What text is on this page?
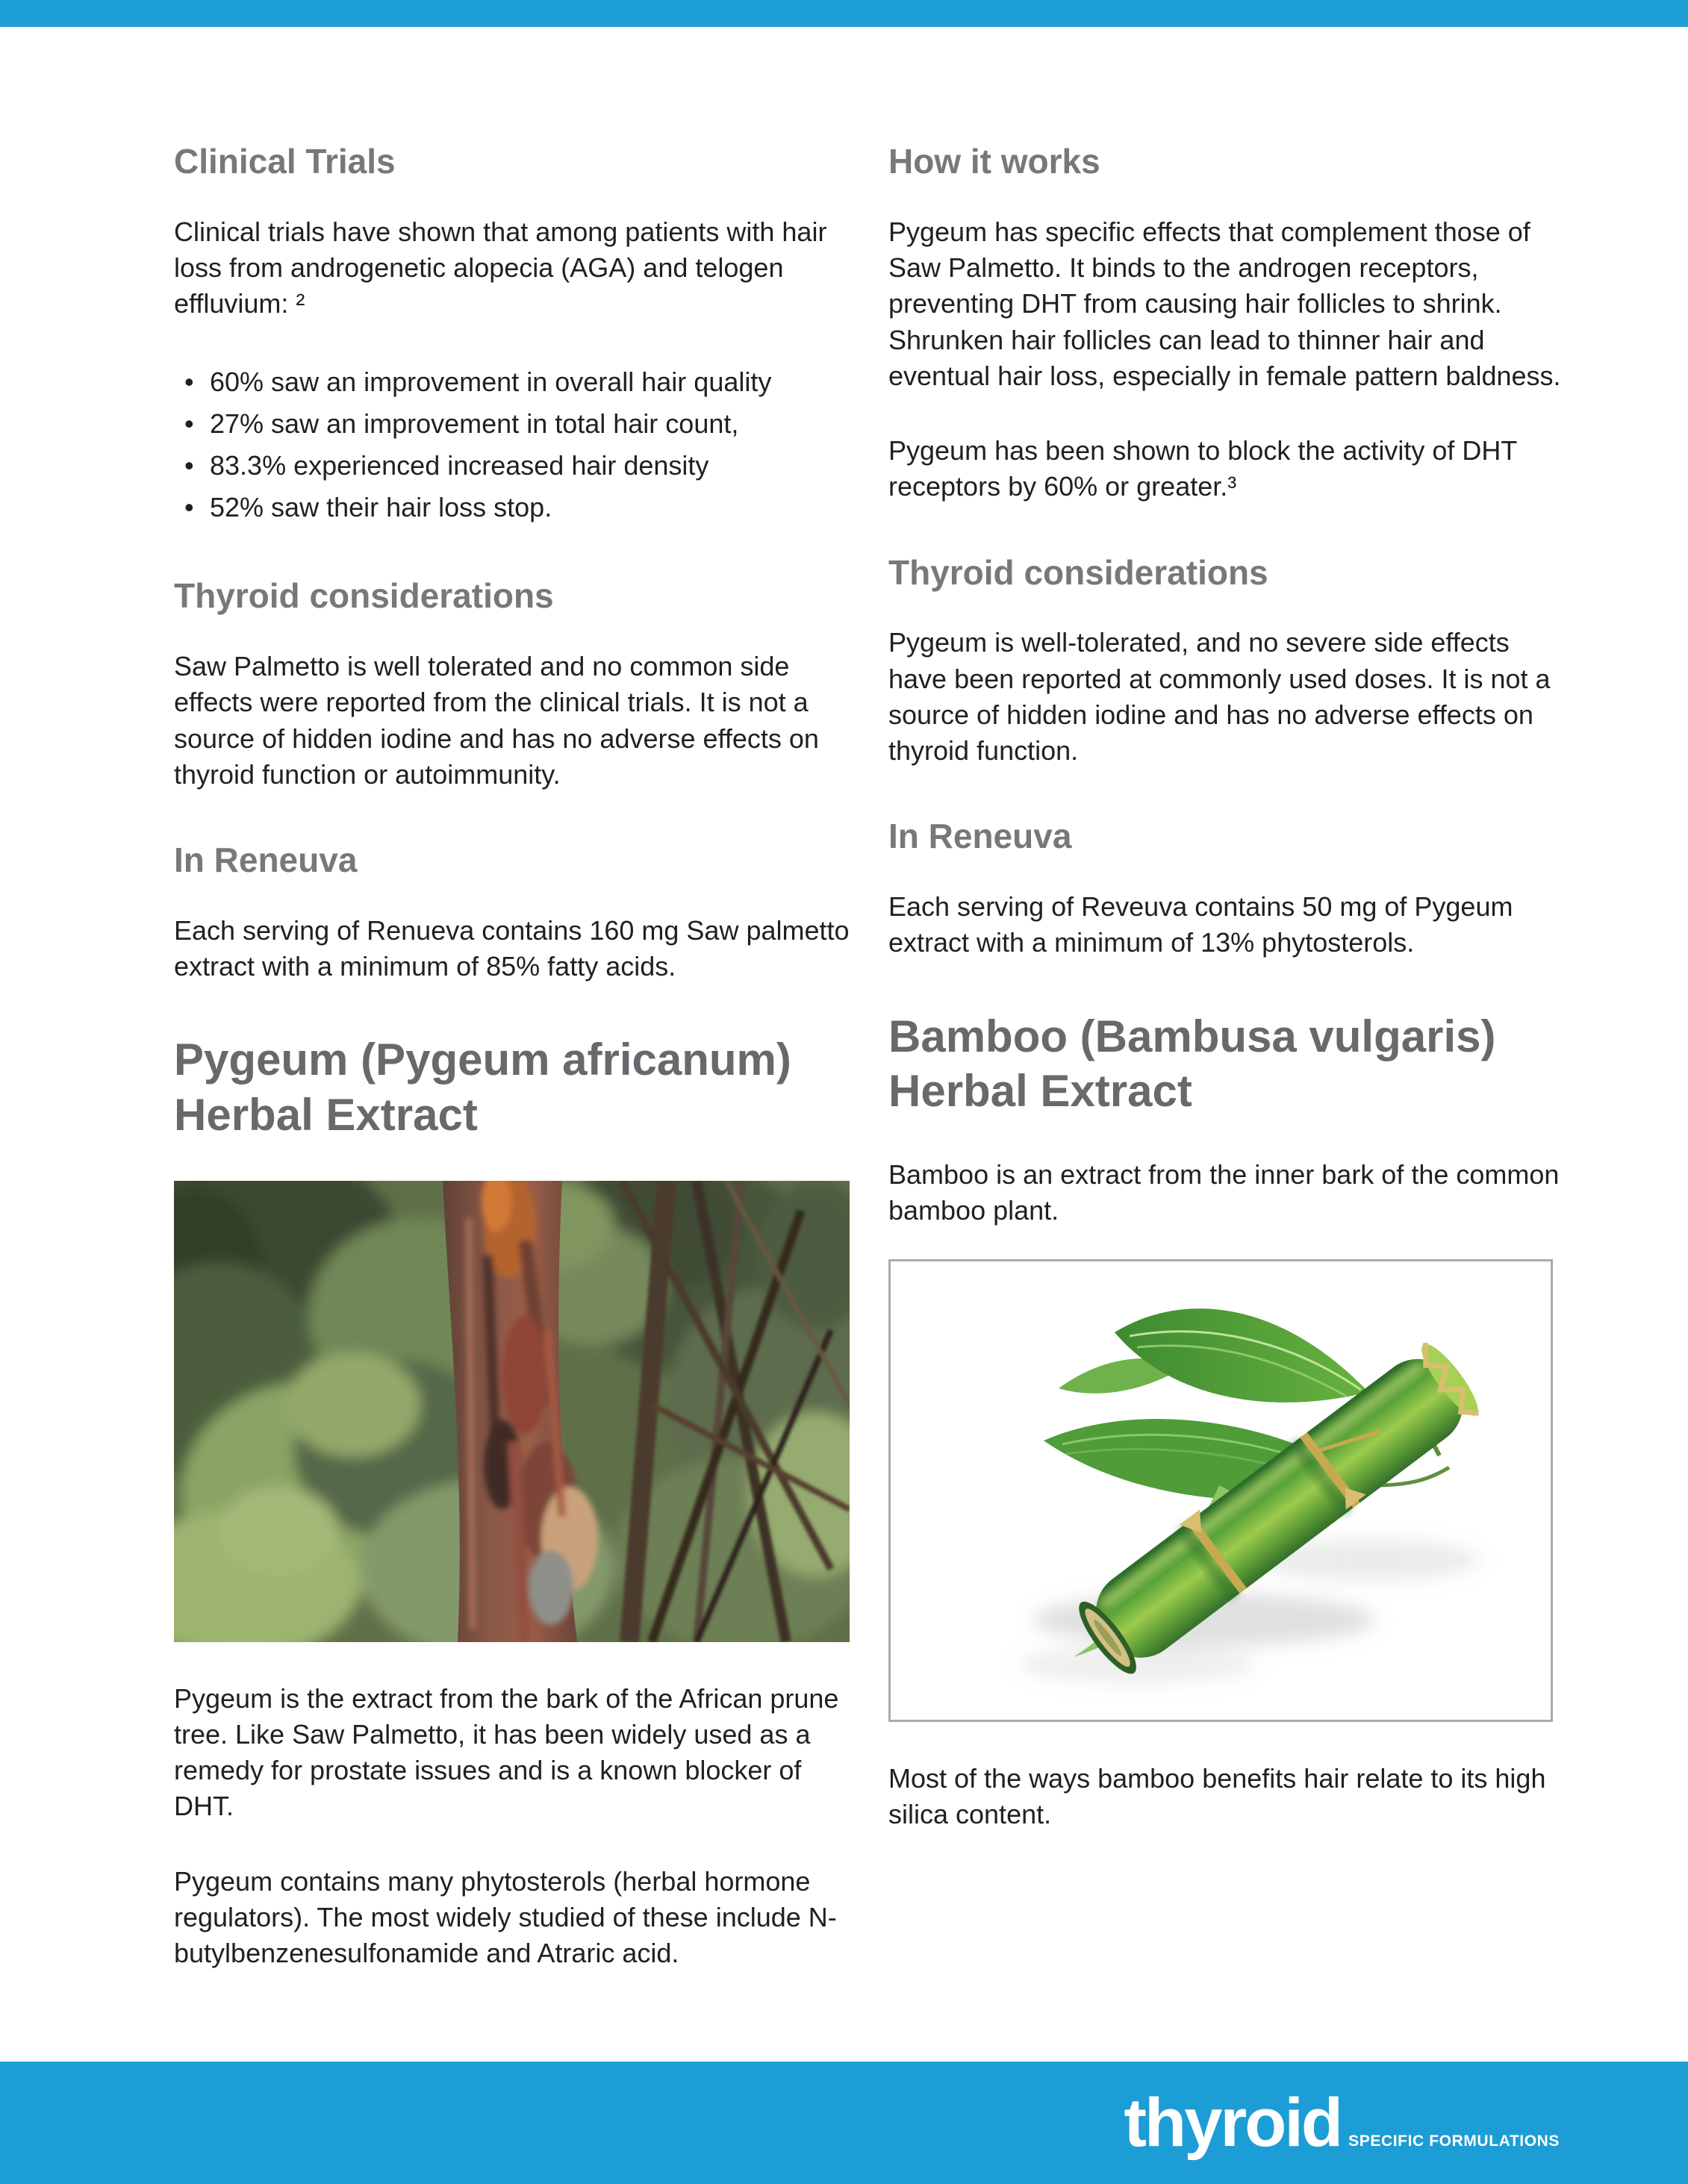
Clinical Trials

Clinical trials have shown that among patients with hair loss from androgenetic alopecia (AGA) and telogen effluvium: ²

• 60% saw an improvement in overall hair quality
• 27% saw an improvement in total hair count,
• 83.3% experienced increased hair density
• 52% saw their hair loss stop.
Thyroid considerations

Saw Palmetto is well tolerated and no common side effects were reported from the clinical trials. It is not a source of hidden iodine and has no adverse effects on thyroid function or autoimmunity.

In Reneuva

Each serving of Renueva contains 160 mg Saw palmetto extract with a minimum of 85% fatty acids.

Pygeum (Pygeum africanum) Herbal Extract

Pygeum is the extract from the bark of the African prune tree. Like Saw Palmetto, it has been widely used as a remedy for prostate issues and is a known blocker of DHT.

Pygeum contains many phytosterols (herbal hormone regulators). The most widely studied of these include N-butylbenzenesulfonamide and Atraric acid.

How it works

Pygeum has specific effects that complement those of Saw Palmetto. It binds to the androgen receptors, preventing DHT from causing hair follicles to shrink. Shrunken hair follicles can lead to thinner hair and eventual hair loss, especially in female pattern baldness.

Pygeum has been shown to block the activity of DHT receptors by 60% or greater.³

Thyroid considerations

Pygeum is well-tolerated, and no severe side effects have been reported at commonly used doses. It is not a source of hidden iodine and has no adverse effects on thyroid function.

In Reneuva

Each serving of Reveuva contains 50 mg of Pygeum extract with a minimum of 13% phytosterols.

Bamboo (Bambusa vulgaris) Herbal Extract

Bamboo is an extract from the inner bark of the common bamboo plant.

Most of the ways bamboo benefits hair relate to its high silica content.

thyroid SPECIFIC FORMULATIONS
